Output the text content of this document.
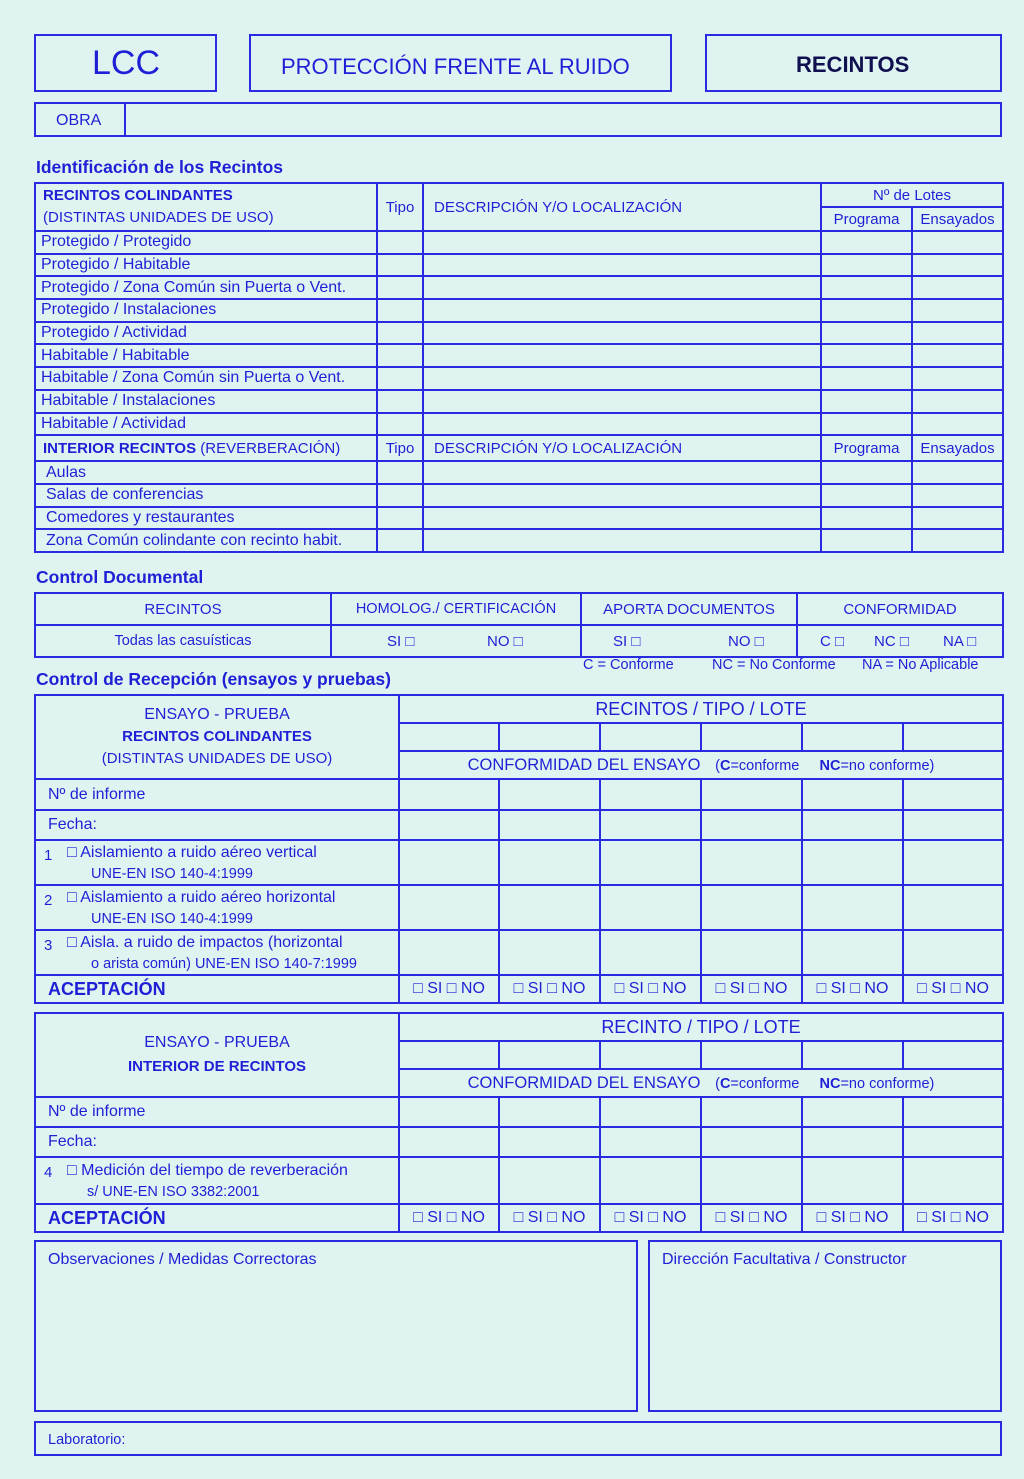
LCC	PROTECCIÓN FRENTE AL RUIDO	RECINTOS
OBRA
Identificación de los Recintos
RECINTOS COLINDANTES
(DISTINTAS UNIDADES DE USO)	Tipo	DESCRIPCIÓN Y/O LOCALIZACIÓN	Nº de Lotes	
			Programa	Ensayados
Protegido / Protegido				
Protegido / Habitable				
Protegido / Zona Común sin Puerta o Vent.				
Protegido / Instalaciones				
Protegido / Actividad				
Habitable / Habitable				
Habitable / Zona Común sin Puerta o Vent.				
Habitable / Instalaciones				
Habitable / Actividad				
INTERIOR RECINTOS (REVERBERACIÓN)	Tipo	DESCRIPCIÓN Y/O LOCALIZACIÓN	Programa	Ensayados
Aulas				
Salas de conferencias				
Comedores y restaurantes				
Zona Común colindante con recinto habit.				
Control Documental
RECINTOS	HOMOLOG./ CERTIFICACIÓN	APORTA DOCUMENTOS	CONFORMIDAD
Todas las casuísticas	SI □ NO □	SI □ NO □	C □ NC □ NA □
C = Conforme	NC = No Conforme NA = No Aplicable
Control de Recepción (ensayos y pruebas)
ENSAYO - PRUEBA
RECINTOS COLINDANTES
(DISTINTAS UNIDADES DE USO)	RECINTOS / TIPO / LOTE					

	CONFORMIDAD DEL ENSAYO (C=conforme NC=no conforme)					
Nº de informe						
Fecha:						

1 □ Aislamiento a ruido aéreo vertical
UNE-EN ISO 140-4:1999						

2 □ Aislamiento a ruido aéreo horizontal
UNE-EN ISO 140-4:1999						

3 □ Aisla. a ruido de impactos (horizontal
o arista común) UNE-EN ISO 140-7:1999						

ACEPTACIÓN	□ SI □ NO	□ SI □ NO	□ SI □ NO	□ SI □ NO	□ SI □ NO	□ SI □ NO
ENSAYO - PRUEBA
INTERIOR DE RECINTOS	RECINTO / TIPO / LOTE					

	CONFORMIDAD DEL ENSAYO (C=conforme NC=no conforme)					
Nº de informe						
Fecha:						

4 □ Medición del tiempo de reverberación
s/ UNE-EN ISO 3382:2001						

ACEPTACIÓN	□ SI □ NO	□ SI □ NO	□ SI □ NO	□ SI □ NO	□ SI □ NO	□ SI □ NO
Observaciones / Medidas Correctoras	Dirección Facultativa / Constructor
Laboratorio:
